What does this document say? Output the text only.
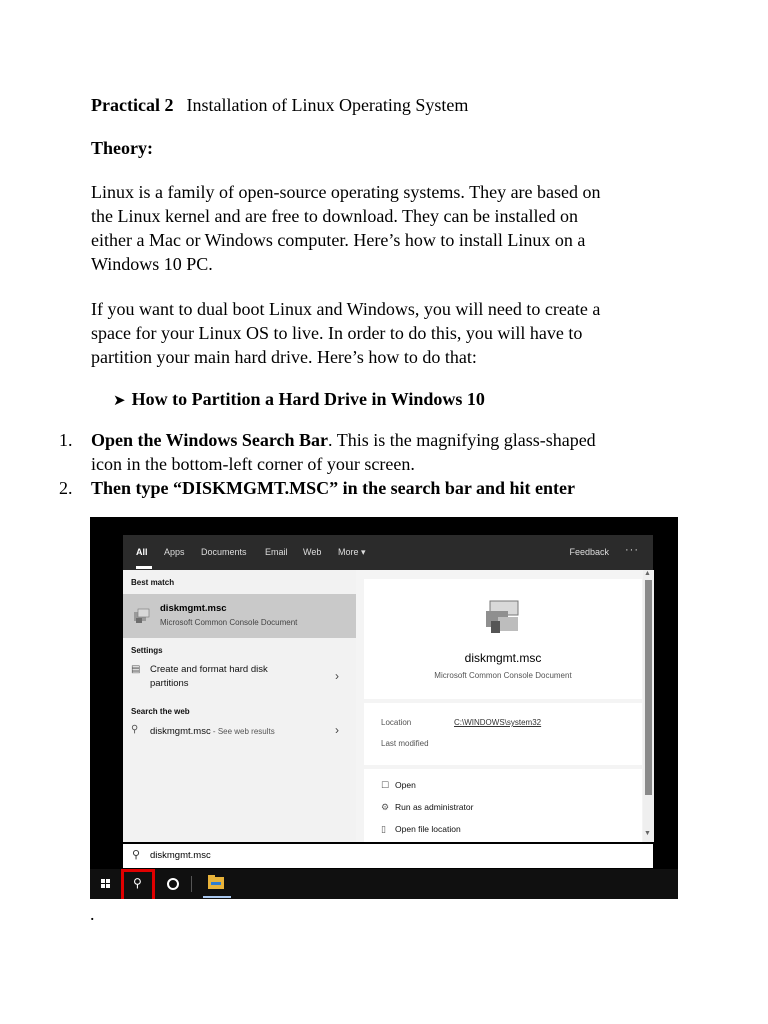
Practical 2 Installation of Linux Operating System
Theory:
Linux is a family of open-source operating systems. They are based on
the Linux kernel and are free to download. They can be installed on
either a Mac or Windows computer. Here’s how to install Linux on a
Windows 10 PC.
If you want to dual boot Linux and Windows, you will need to create a
space for your Linux OS to live. In order to do this, you will have to
partition your main hard drive. Here’s how to do that:
➤ How to Partition a Hard Drive in Windows 10
1. Open the Windows Search Bar. This is the magnifying glass-shaped
icon in the bottom-left corner of your screen.
2. Then type “DISKMGMT.MSC” in the search bar and hit enter
All Apps Documents Email Web More ▾	Feedback ···
Best match
diskmgmt.msc
Microsoft Common Console Document
Settings
▤ Create and format hard disk
partitions
›
Search the web
⚲ diskmgmt.msc - See web results	›
diskmgmt.msc
Microsoft Common Console Document
Location	C:\WINDOWS\system32
Last modified
☐ Open
⚙ Run as administrator
▯ Open file location
▲
▼
⚲ diskmgmt.msc
⚲
.
